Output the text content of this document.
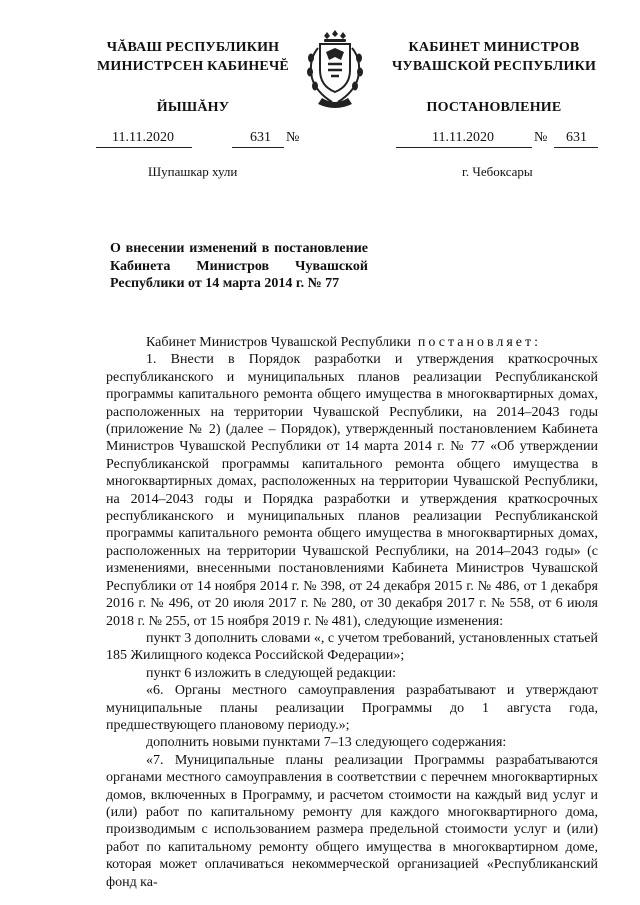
ЧĂВАШ РЕСПУБЛИКИН
МИНИСТРСЕН КАБИНЕЧĔ
ЙЫШĂНУ
КАБИНЕТ МИНИСТРОВ
ЧУВАШСКОЙ РЕСПУБЛИКИ
ПОСТАНОВЛЕНИЕ
11.11.2020	631 №	11.11.2020	№ 631
Шупашкар хули	г. Чебоксары
О внесении изменений в постановление Кабинета Министров Чувашской Республики от 14 марта 2014 г. № 77

Кабинет Министров Чувашской Республики постановляет:

1. Внести в Порядок разработки и утверждения краткосрочных республиканского и муниципальных планов реализации Республиканской программы капитального ремонта общего имущества в многоквартирных домах, расположенных на территории Чувашской Республики, на 2014–2043 годы (приложение № 2) (далее – Порядок), утвержденный постановлением Кабинета Министров Чувашской Республики от 14 марта 2014 г. № 77 «Об утверждении Республиканской программы капитального ремонта общего имущества в многоквартирных домах, расположенных на территории Чувашской Республики, на 2014–2043 годы и Порядка разработки и утверждения краткосрочных республиканского и муниципальных планов реализации Республиканской программы капитального ремонта общего имущества в многоквартирных домах, расположенных на территории Чувашской Республики, на 2014–2043 годы» (с изменениями, внесенными постановлениями Кабинета Министров Чувашской Республики от 14 ноября 2014 г. № 398, от 24 декабря 2015 г. № 486, от 1 декабря 2016 г. № 496, от 20 июля 2017 г. № 280, от 30 декабря 2017 г. № 558, от 6 июля 2018 г. № 255, от 15 ноября 2019 г. № 481), следующие изменения:

пункт 3 дополнить словами «, с учетом требований, установленных статьей 185 Жилищного кодекса Российской Федерации»;

пункт 6 изложить в следующей редакции:

«6. Органы местного самоуправления разрабатывают и утверждают муниципальные планы реализации Программы до 1 августа года, предшествующего плановому периоду.»;

дополнить новыми пунктами 7–13 следующего содержания:

«7. Муниципальные планы реализации Программы разрабатываются органами местного самоуправления в соответствии с перечнем многоквартирных домов, включенных в Программу, и расчетом стоимости на каждый вид услуг и (или) работ по капитальному ремонту для каждого многоквартирного дома, производимым с использованием размера предельной стоимости услуг и (или) работ по капитальному ремонту общего имущества в многоквартирном доме, которая может оплачиваться некоммерческой организацией «Республиканский фонд ка-
